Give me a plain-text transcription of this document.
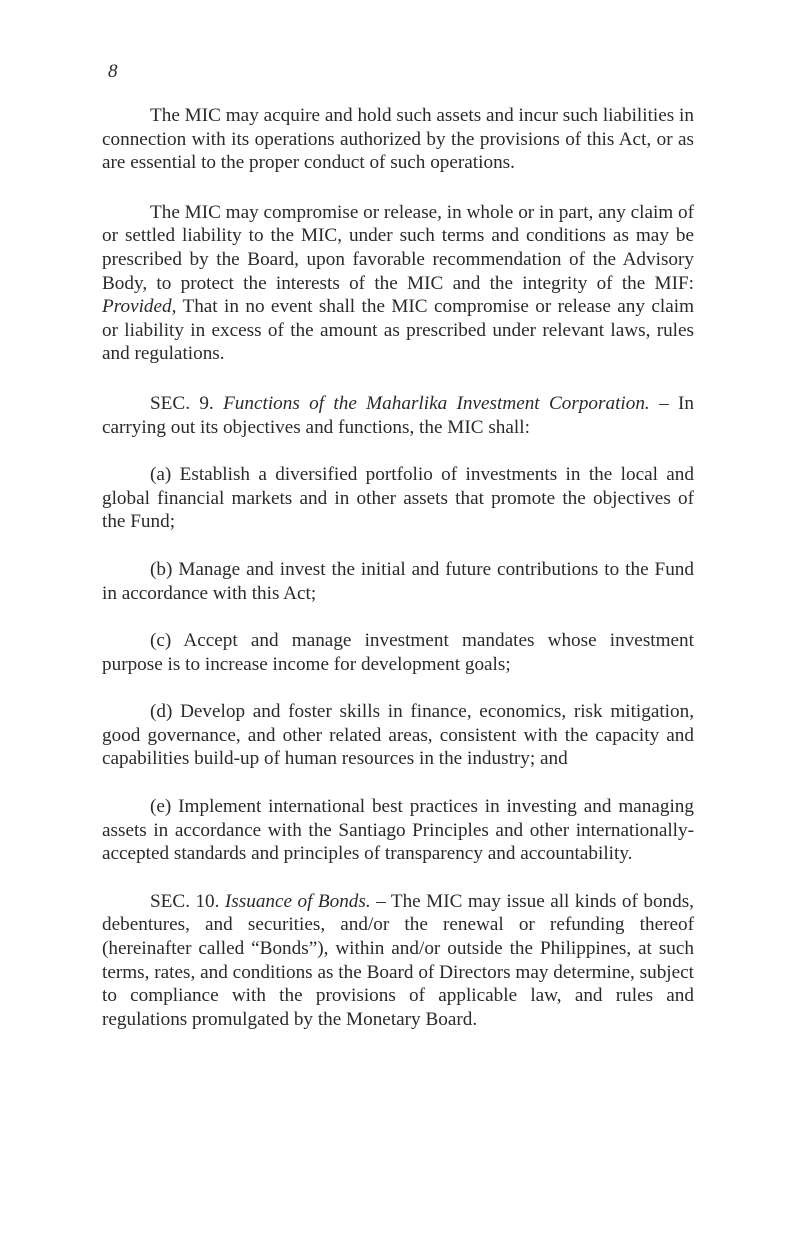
8

The MIC may acquire and hold such assets and incur such liabilities in connection with its operations authorized by the provisions of this Act, or as are essential to the proper conduct of such operations.

The MIC may compromise or release, in whole or in part, any claim of or settled liability to the MIC, under such terms and conditions as may be prescribed by the Board, upon favorable recommendation of the Advisory Body, to protect the interests of the MIC and the integrity of the MIF: Provided, That in no event shall the MIC compromise or release any claim or liability in excess of the amount as prescribed under relevant laws, rules and regulations.

SEC. 9. Functions of the Maharlika Investment Corporation. – In carrying out its objectives and functions, the MIC shall:

(a) Establish a diversified portfolio of investments in the local and global financial markets and in other assets that promote the objectives of the Fund;

(b) Manage and invest the initial and future contributions to the Fund in accordance with this Act;

(c) Accept and manage investment mandates whose investment purpose is to increase income for development goals;

(d) Develop and foster skills in finance, economics, risk mitigation, good governance, and other related areas, consistent with the capacity and capabilities build-up of human resources in the industry; and

(e) Implement international best practices in investing and managing assets in accordance with the Santiago Principles and other internationally-accepted standards and principles of transparency and accountability.

SEC. 10. Issuance of Bonds. – The MIC may issue all kinds of bonds, debentures, and securities, and/or the renewal or refunding thereof (hereinafter called “Bonds”), within and/or outside the Philippines, at such terms, rates, and conditions as the Board of Directors may determine, subject to compliance with the provisions of applicable law, and rules and regulations promulgated by the Monetary Board.
